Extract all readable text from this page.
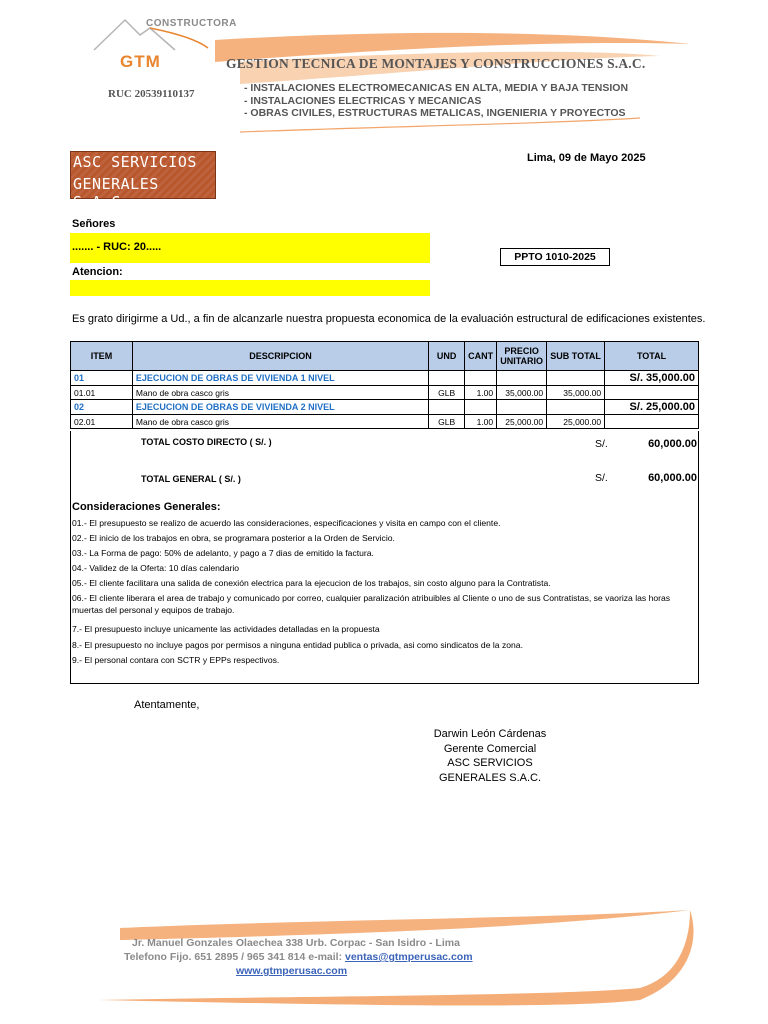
CONSTRUCTORA
GTM	GESTION TECNICA DE MONTAJES Y CONSTRUCCIONES S.A.C.
RUC 20539110137	- INSTALACIONES ELECTROMECANICAS EN ALTA, MEDIA Y BAJA TENSION
- INSTALACIONES ELECTRICAS Y MECANICAS
- OBRAS CIVILES, ESTRUCTURAS METALICAS, INGENIERIA Y PROYECTOS
ASC SERVICIOS
GENERALES S.A.C.
Lima, 09 de Mayo 2025
Señores
....... - RUC: 20.....
Atencion:
PPTO 1010-2025
Es grato dirigirme a Ud., a fin de alcanzarle nuestra propuesta economica de la evaluación estructural de edificaciones existentes.
ITEM	DESCRIPCION	UND	CANT	PRECIO UNITARIO	SUB TOTAL	TOTAL
01	EJECUCION DE OBRAS DE VIVIENDA 1 NIVEL					S/. 35,000.00
01.01	Mano de obra casco gris	GLB	1.00	35,000.00	35,000.00	
02	EJECUCION DE OBRAS DE VIVIENDA 2 NIVEL					S/. 25,000.00
02.01	Mano de obra casco gris	GLB	1.00	25,000.00	25,000.00	
TOTAL COSTO DIRECTO ( S/. )	S/.	60,000.00
TOTAL GENERAL ( S/. )	S/.	60,000.00
Consideraciones Generales:
01.- El presupuesto se realizo de acuerdo las consideraciones, especificaciones y visita en campo con el cliente.
02.- El inicio de los trabajos en obra, se programara posterior a la Orden de Servicio.
03.- La Forma de pago: 50% de adelanto, y pago a 7 dias de emitido la factura.
04.- Validez de la Oferta: 10 días calendario
05.- El cliente facilitara una salida de conexión electrica para la ejecucion de los trabajos, sin costo alguno para la Contratista.
06.- El cliente liberara el area de trabajo y comunicado por correo, cualquier paralización atribuibles al Cliente o uno de sus Contratistas, se vaoriza las horas muertas del personal y equipos de trabajo.
7.- El presupuesto incluye unicamente las actividades detalladas en la propuesta
8.- El presupuesto no incluye pagos por permisos a ninguna entidad publica o privada, asi como sindicatos de la zona.
9.- El personal contara con SCTR y EPPs respectivos.
Atentamente,
Darwin León Cárdenas
Gerente Comercial
ASC SERVICIOS
GENERALES S.A.C.
Jr. Manuel Gonzales Olaechea 338 Urb. Corpac - San Isidro - Lima
Telefono Fijo. 651 2895 / 965 341 814 e-mail: ventas@gtmperusac.com
www.gtmperusac.com
